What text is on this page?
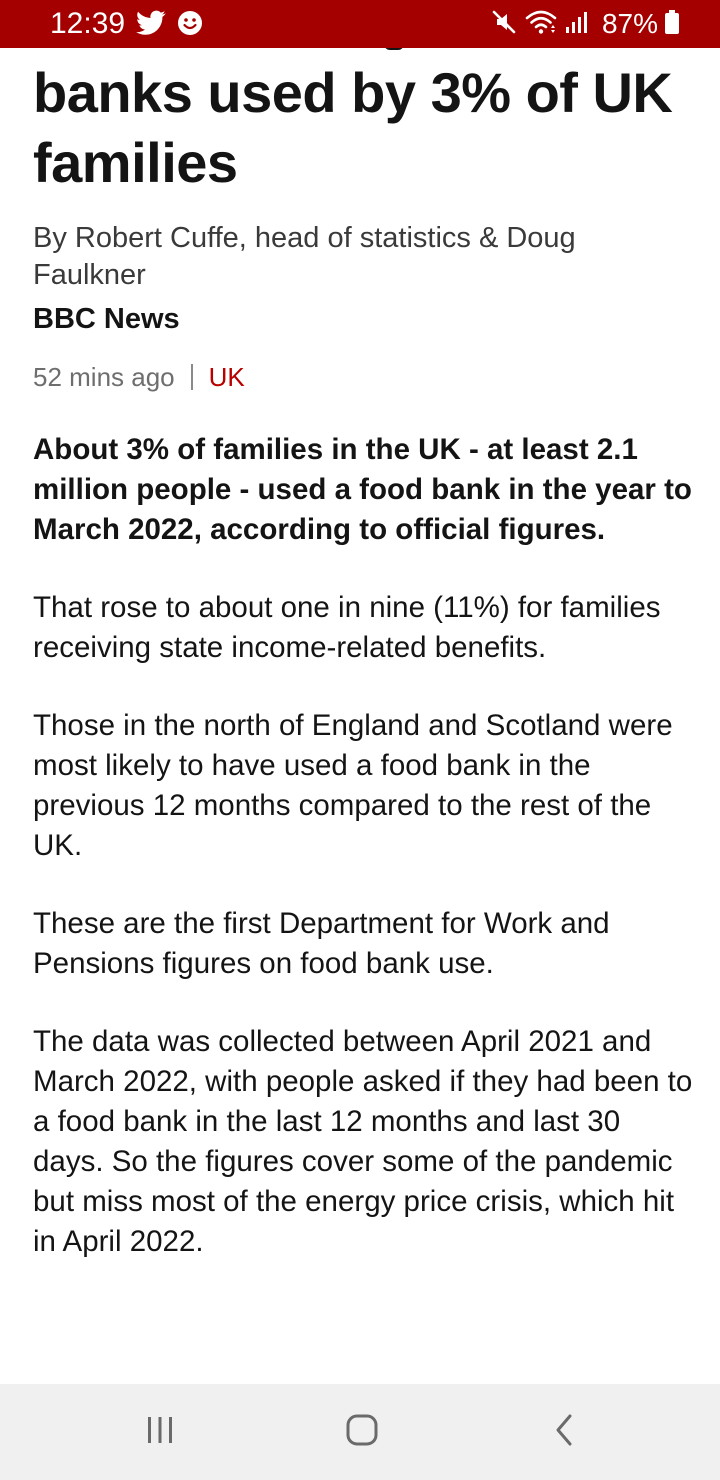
12:39	87%
banks used by 3% of UK families
By Robert Cuffe, head of statistics & Doug Faulkner
BBC News
52 mins ago UK

About 3% of families in the UK - at least 2.1 million people - used a food bank in the year to March 2022, according to official figures.

That rose to about one in nine (11%) for families receiving state income-related benefits.

Those in the north of England and Scotland were most likely to have used a food bank in the previous 12 months compared to the rest of the UK.

These are the first Department for Work and Pensions figures on food bank use.

The data was collected between April 2021 and March 2022, with people asked if they had been to a food bank in the last 12 months and last 30 days. So the figures cover some of the pandemic but miss most of the energy price crisis, which hit in April 2022.
